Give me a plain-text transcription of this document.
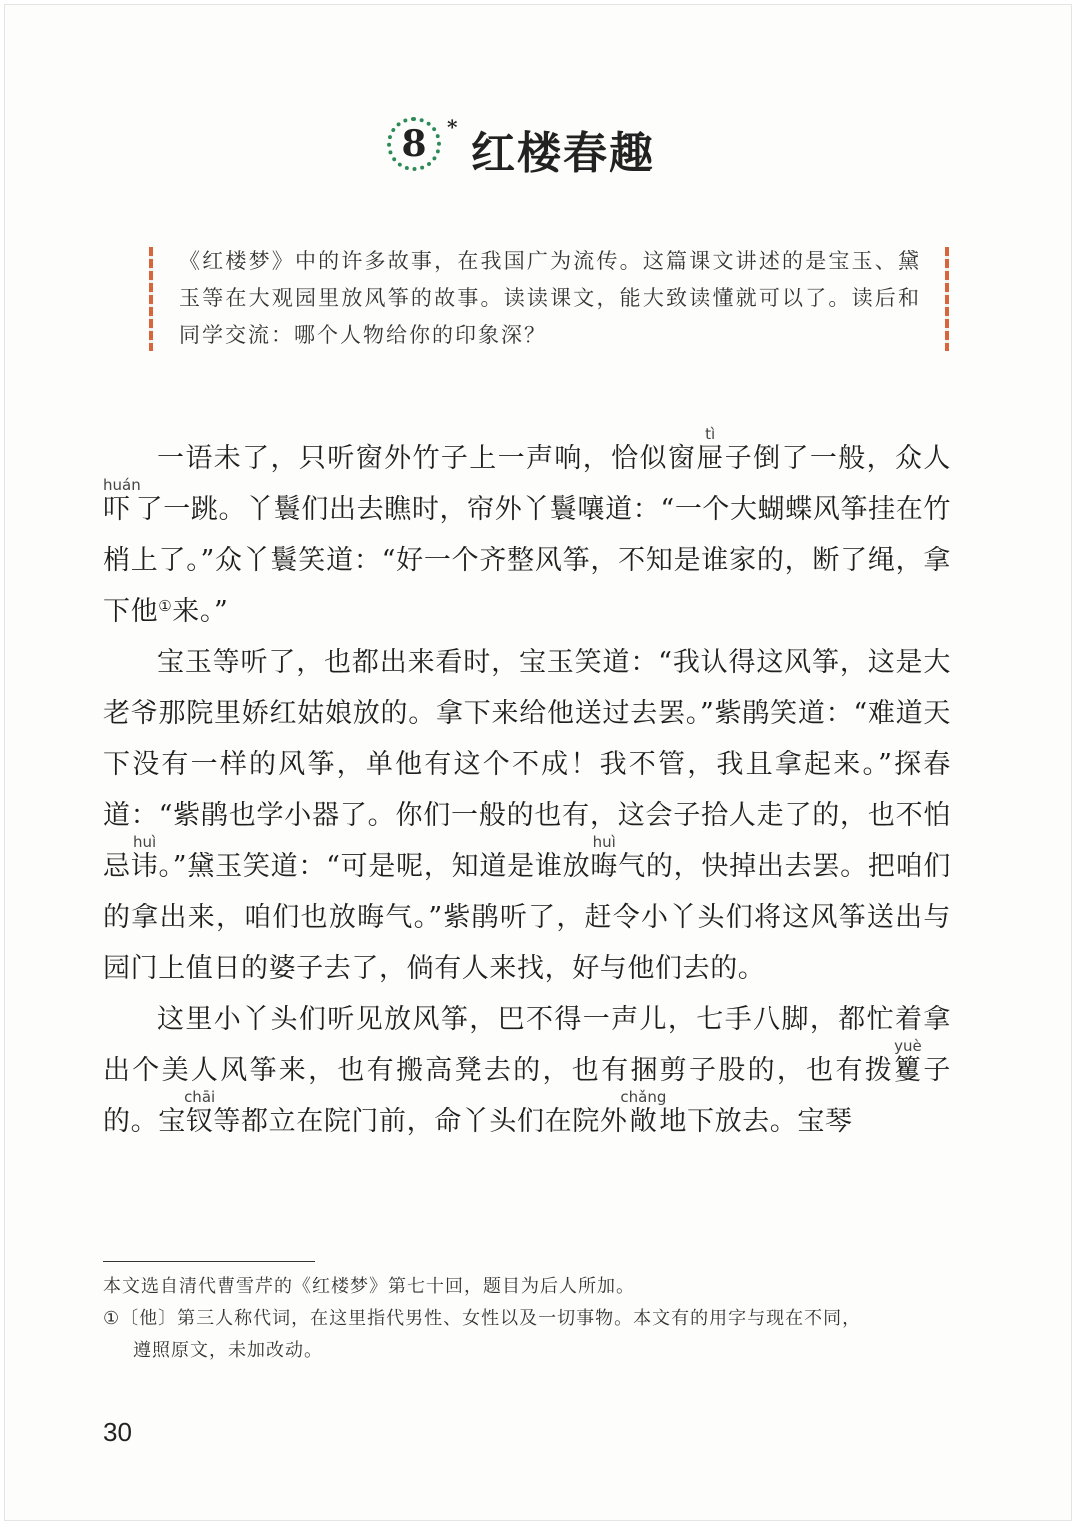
8 *
红楼春趣
《红楼梦》中的许多故事，在我国广为流传。这篇课文讲述的是宝玉、黛玉等在大观园里放风筝的故事。读读课文，能大致读懂就可以了。读后和同学交流：哪个人物给你的印象深？

一语未了，只听窗外竹子上一声响，恰似窗屉tì子倒了一般，众人吓huán了一跳。丫鬟们出去瞧时，帘外丫鬟嚷道：“一个大蝴蝶风筝挂在竹梢上了。”众丫鬟笑道：“好一个齐整风筝，不知是谁家的，断了绳，拿下他①来。”

宝玉等听了，也都出来看时，宝玉笑道：“我认得这风筝，这是大老爷那院里娇红姑娘放的。拿下来给他送过去罢。”紫鹃笑道：“难道天下没有一样的风筝，单他有这个不成！我不管，我且拿起来。”探春道：“紫鹃也学小器了。你们一般的也有，这会子拾人走了的，也不怕忌讳huì。”黛玉笑道：“可是呢，知道是谁放晦huì气的，快掉出去罢。把咱们的拿出来，咱们也放晦气。”紫鹃听了，赶令小丫头们将这风筝送出与园门上值日的婆子去了，倘有人来找，好与他们去的。

这里小丫头们听见放风筝，巴不得一声儿，七手八脚，都忙着拿出个美人风筝来，也有搬高凳去的，也有捆剪子股的，也有拨籰yuè子的。宝钗chāi等都立在院门前，命丫头们在院外敞chǎng地下放去。宝琴

本文选自清代曹雪芹的《红楼梦》第七十回，题目为后人所加。

①〔他〕第三人称代词，在这里指代男性、女性以及一切事物。本文有的用字与现在不同，

遵照原文，未加改动。

30
